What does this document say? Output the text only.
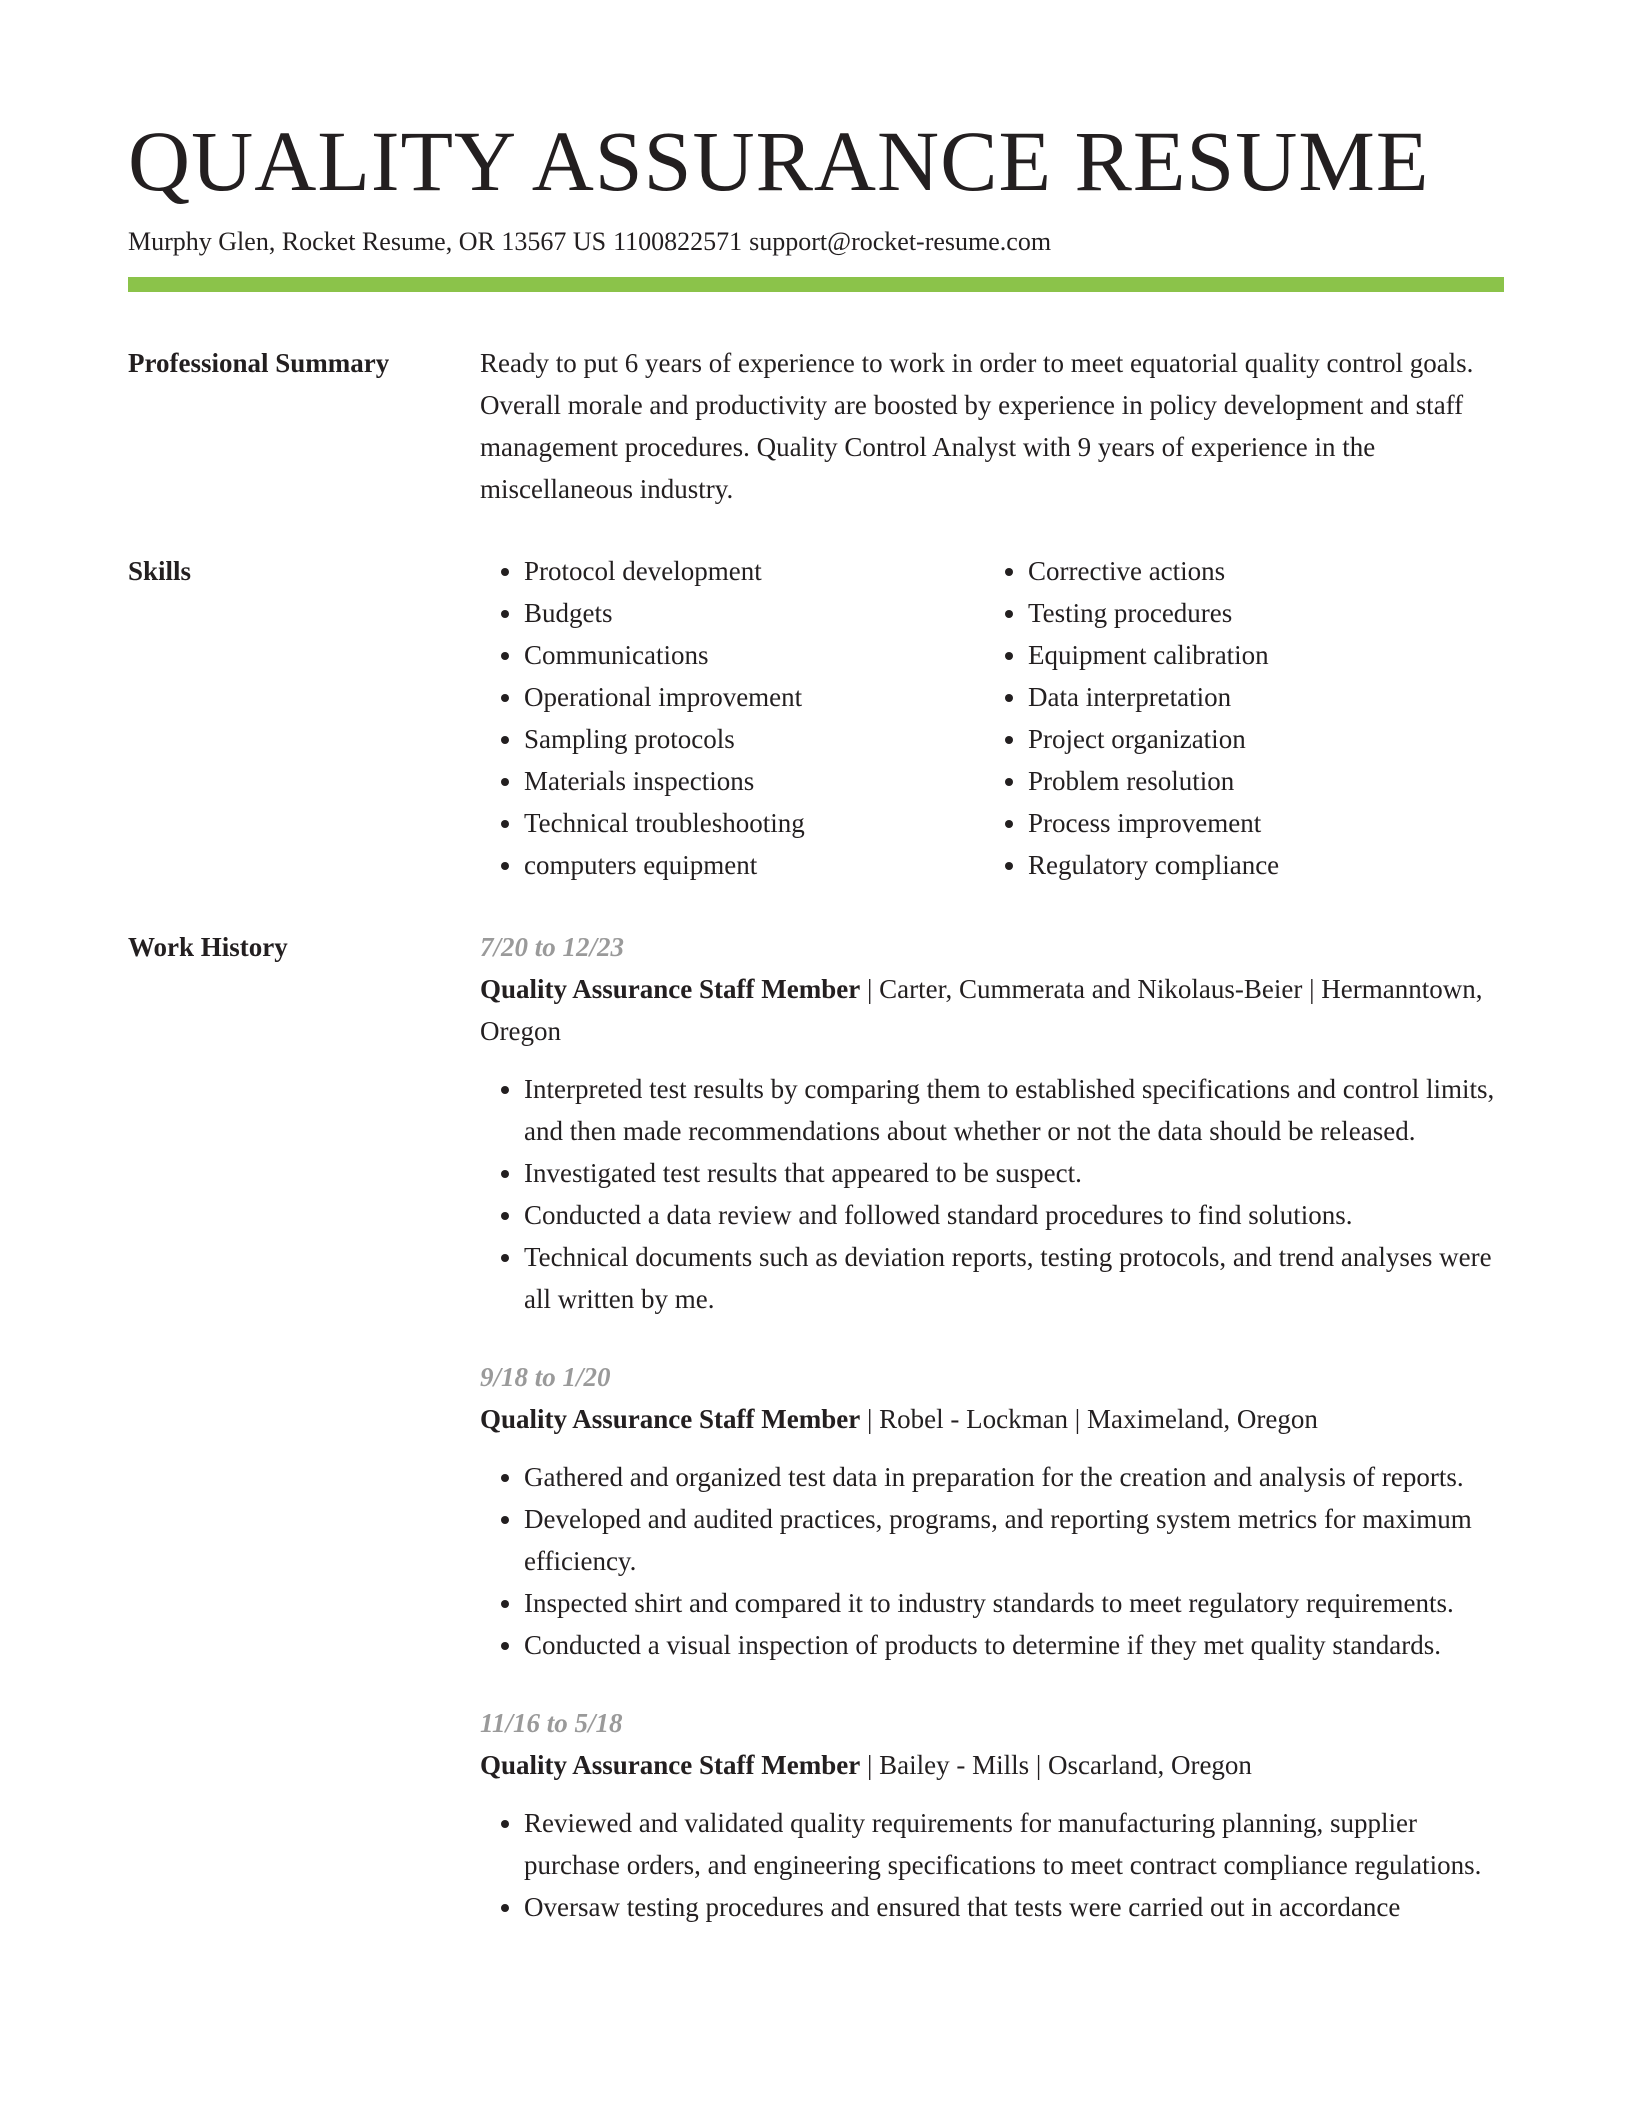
QUALITY ASSURANCE RESUME
Murphy Glen, Rocket Resume, OR 13567 US 1100822571 support@rocket-resume.com
Professional Summary	Ready to put 6 years of experience to work in order to meet equatorial quality control goals. Overall morale and productivity are boosted by experience in policy development and staff management procedures. Quality Control Analyst with 9 years of experience in the miscellaneous industry.

Skills
•	Protocol development
• Budgets
• Communications
• Operational improvement
• Sampling protocols
• Materials inspections
• Technical troubleshooting
• computers equipment
• Corrective actions
• Testing procedures
• Equipment calibration
• Data interpretation
• Project organization
• Problem resolution
• Process improvement
• Regulatory compliance
Work History	7/20 to 12/23
Quality Assurance Staff Member | Carter, Cummerata and Nikolaus-Beier | Hermanntown, Oregon
• Interpreted test results by comparing them to established specifications and control limits, and then made recommendations about whether or not the data should be released.
• Investigated test results that appeared to be suspect.
• Conducted a data review and followed standard procedures to find solutions.
• Technical documents such as deviation reports, testing protocols, and trend analyses were all written by me.
9/18 to 1/20
Quality Assurance Staff Member | Robel - Lockman | Maximeland, Oregon
• Gathered and organized test data in preparation for the creation and analysis of reports.
• Developed and audited practices, programs, and reporting system metrics for maximum efficiency.
• Inspected shirt and compared it to industry standards to meet regulatory requirements.
• Conducted a visual inspection of products to determine if they met quality standards.
11/16 to 5/18
Quality Assurance Staff Member | Bailey - Mills | Oscarland, Oregon
• Reviewed and validated quality requirements for manufacturing planning, supplier purchase orders, and engineering specifications to meet contract compliance regulations.
• Oversaw testing procedures and ensured that tests were carried out in accordance
